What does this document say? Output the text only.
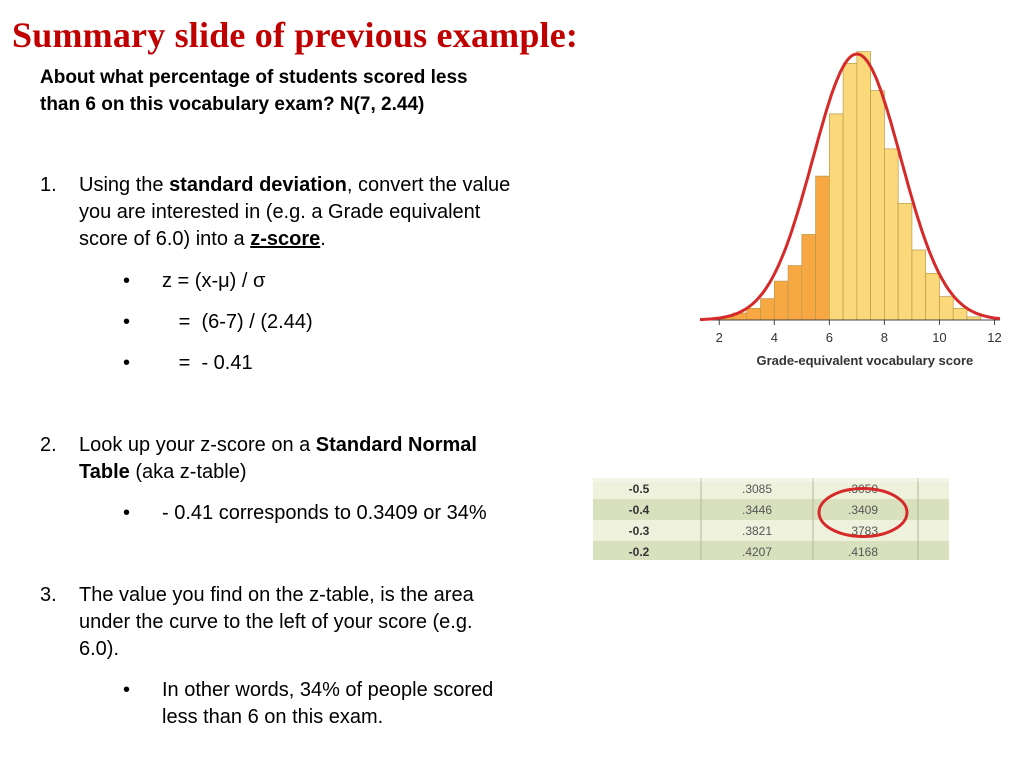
Summary slide of previous example:
About what percentage of students scored less
than 6 on this vocabulary exam? N(7, 2.44)
1. Using the standard deviation, convert the value
you are interested in (e.g. a Grade equivalent
score of 6.0) into a z-score.
• z = (x-μ) / σ
• =  (6-7) / (2.44)
• =  - 0.41
2. Look up your z-score on a Standard Normal
Table (aka z-table)
• - 0.41 corresponds to 0.3409 or 34%
3. The value you find on the z-table, is the area
under the curve to the left of your score (e.g.
6.0).
• In other words, 34% of people scored
less than 6 on this exam.
2	4	6	8	10	12
Grade-equivalent vocabulary score
-0.5	.3085	.3050
-0.4	.3446	.3409
-0.3	.3821	.3783
-0.2	.4207	.4168
